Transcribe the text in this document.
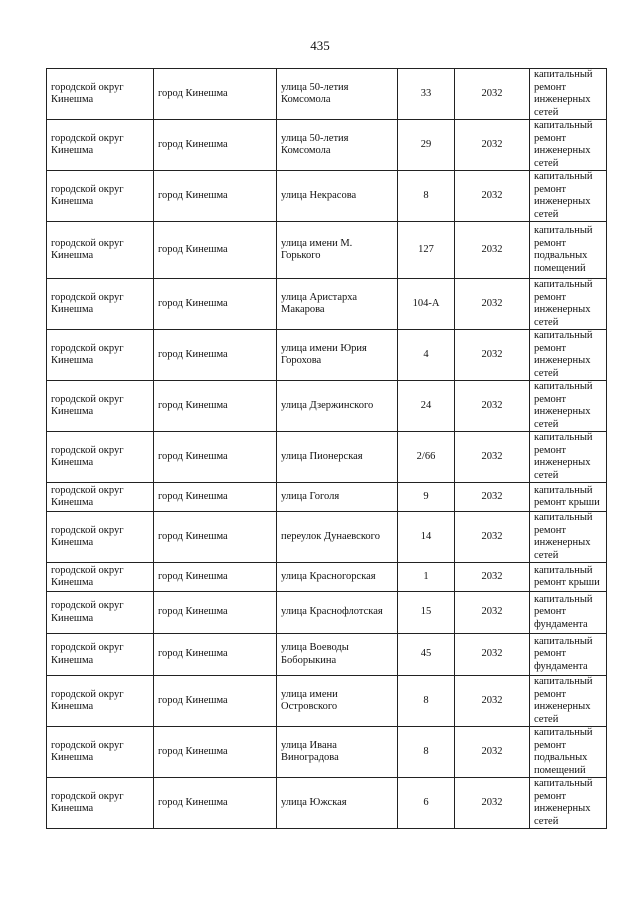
435
городской округ Кинешма	город Кинешма	улица 50-летия Комсомола	33	2032	капитальный ремонт инженерных сетей
городской округ Кинешма	город Кинешма	улица 50-летия Комсомола	29	2032	капитальный ремонт инженерных сетей
городской округ Кинешма	город Кинешма	улица Некрасова	8	2032	капитальный ремонт инженерных сетей
городской округ Кинешма	город Кинешма	улица имени М. Горького	127	2032	капитальный ремонт подвальных помещений
городской округ Кинешма	город Кинешма	улица Аристарха Макарова	104-А	2032	капитальный ремонт инженерных сетей
городской округ Кинешма	город Кинешма	улица имени Юрия Горохова	4	2032	капитальный ремонт инженерных сетей
городской округ Кинешма	город Кинешма	улица Дзержинского	24	2032	капитальный ремонт инженерных сетей
городской округ Кинешма	город Кинешма	улица Пионерская	2/66	2032	капитальный ремонт инженерных сетей
городской округ Кинешма	город Кинешма	улица Гоголя	9	2032	капитальный ремонт крыши
городской округ Кинешма	город Кинешма	переулок Дунаевского	14	2032	капитальный ремонт инженерных сетей
городской округ Кинешма	город Кинешма	улица Красногорская	1	2032	капитальный ремонт крыши
городской округ Кинешма	город Кинешма	улица Краснофлотская	15	2032	капитальный ремонт фундамента
городской округ Кинешма	город Кинешма	улица Воеводы Боборыкина	45	2032	капитальный ремонт фундамента
городской округ Кинешма	город Кинешма	улица имени Островского	8	2032	капитальный ремонт инженерных сетей
городской округ Кинешма	город Кинешма	улица Ивана Виноградова	8	2032	капитальный ремонт подвальных помещений
городской округ Кинешма	город Кинешма	улица Южская	6	2032	капитальный ремонт инженерных сетей
